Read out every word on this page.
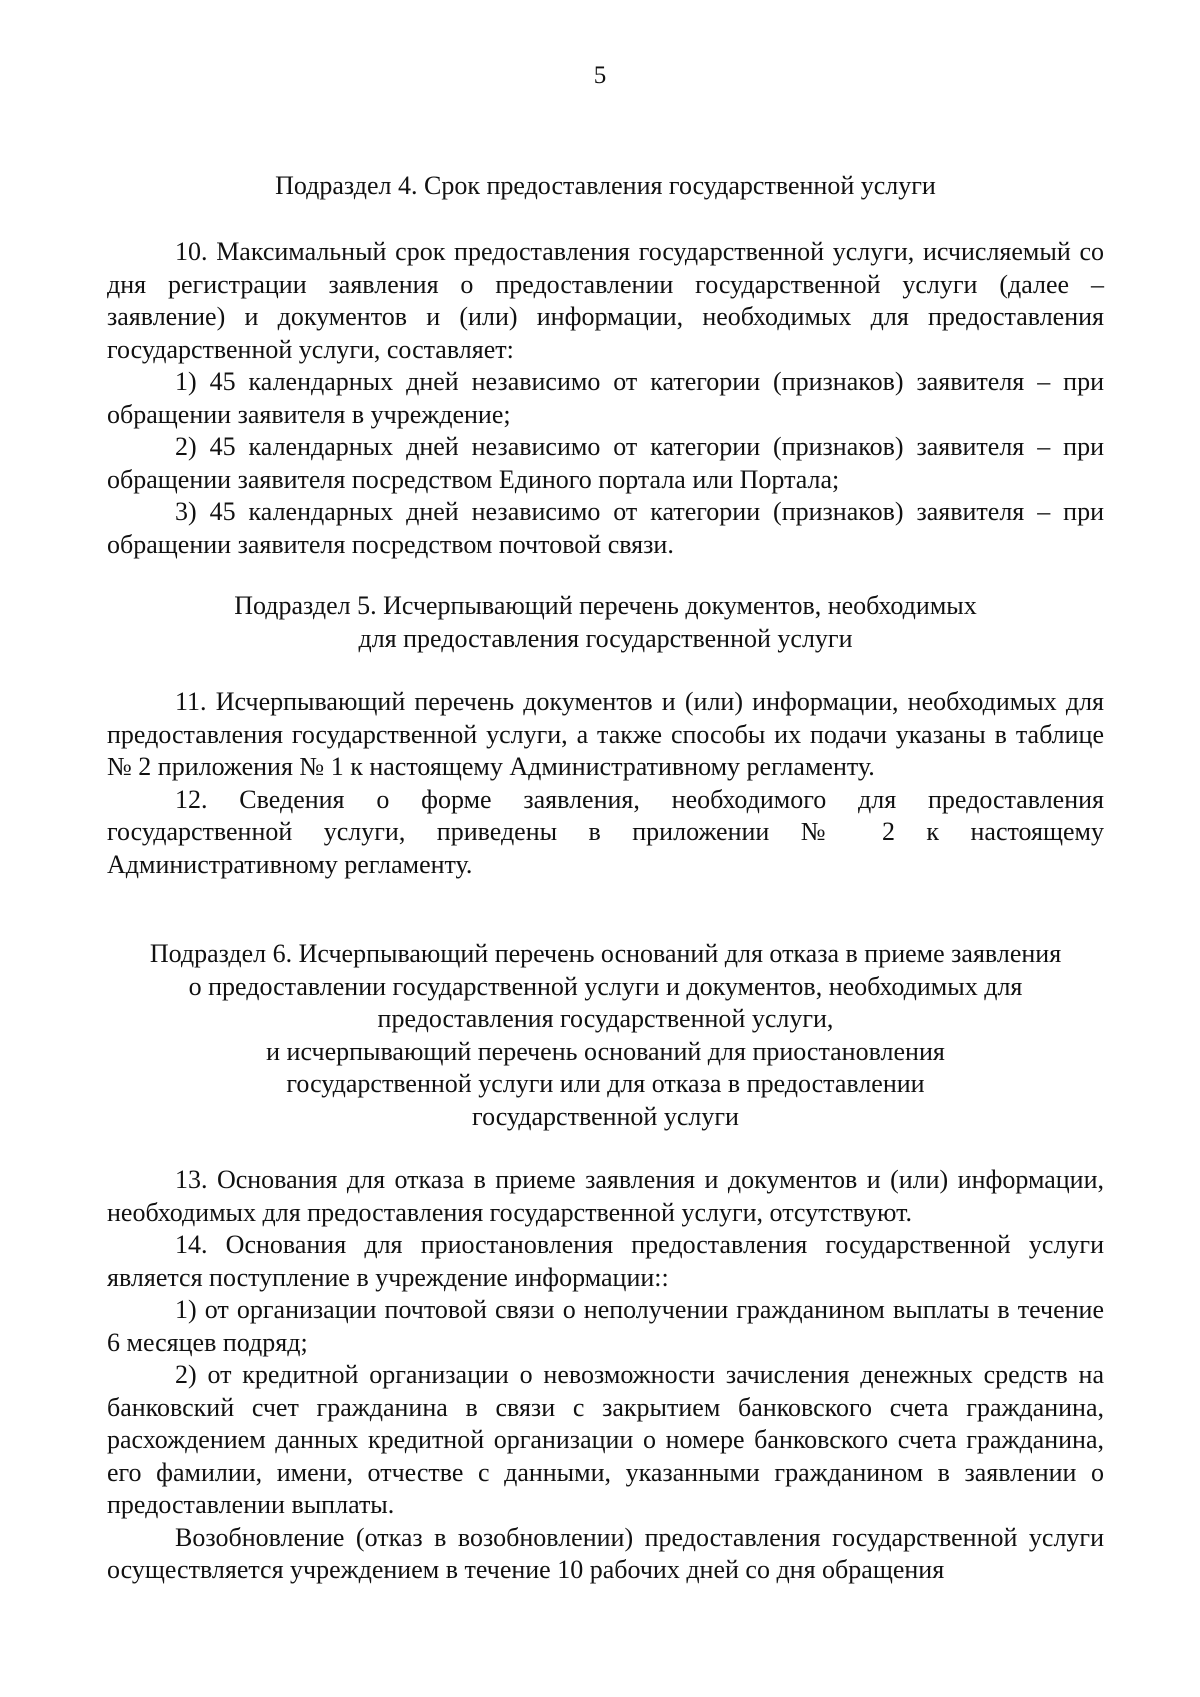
5

Подраздел 4. Срок предоставления государственной услуги

10. Максимальный срок предоставления государственной услуги, исчисляемый со дня регистрации заявления о предоставлении государственной услуги (далее – заявление) и документов и (или) информации, необходимых для предоставления государственной услуги, составляет:

1) 45 календарных дней независимо от категории (признаков) заявителя – при обращении заявителя в учреждение;

2) 45 календарных дней независимо от категории (признаков) заявителя – при обращении заявителя посредством Единого портала или Портала;

3) 45 календарных дней независимо от категории (признаков) заявителя – при обращении заявителя посредством почтовой связи.

Подраздел 5. Исчерпывающий перечень документов, необходимых
для предоставления государственной услуги

11. Исчерпывающий перечень документов и (или) информации, необходимых для предоставления государственной услуги, а также способы их подачи указаны в таблице № 2 приложения № 1 к настоящему Административному регламенту.

12. Сведения о форме заявления, необходимого для предоставления государственной услуги, приведены в приложении № 2 к настоящему Административному регламенту.

Подраздел 6. Исчерпывающий перечень оснований для отказа в приеме заявления
о предоставлении государственной услуги и документов, необходимых для
предоставления государственной услуги,
и исчерпывающий перечень оснований для приостановления
государственной услуги или для отказа в предоставлении
государственной услуги

13. Основания для отказа в приеме заявления и документов и (или) информации, необходимых для предоставления государственной услуги, отсутствуют.

14. Основания для приостановления предоставления государственной услуги является поступление в учреждение информации::

1) от организации почтовой связи о неполучении гражданином выплаты в течение 6 месяцев подряд;

2) от кредитной организации о невозможности зачисления денежных средств на банковский счет гражданина в связи с закрытием банковского счета гражданина, расхождением данных кредитной организации о номере банковского счета гражданина, его фамилии, имени, отчестве с данными, указанными гражданином в заявлении о предоставлении выплаты.

Возобновление (отказ в возобновлении) предоставления государственной услуги осуществляется учреждением в течение 10 рабочих дней со дня обращения
